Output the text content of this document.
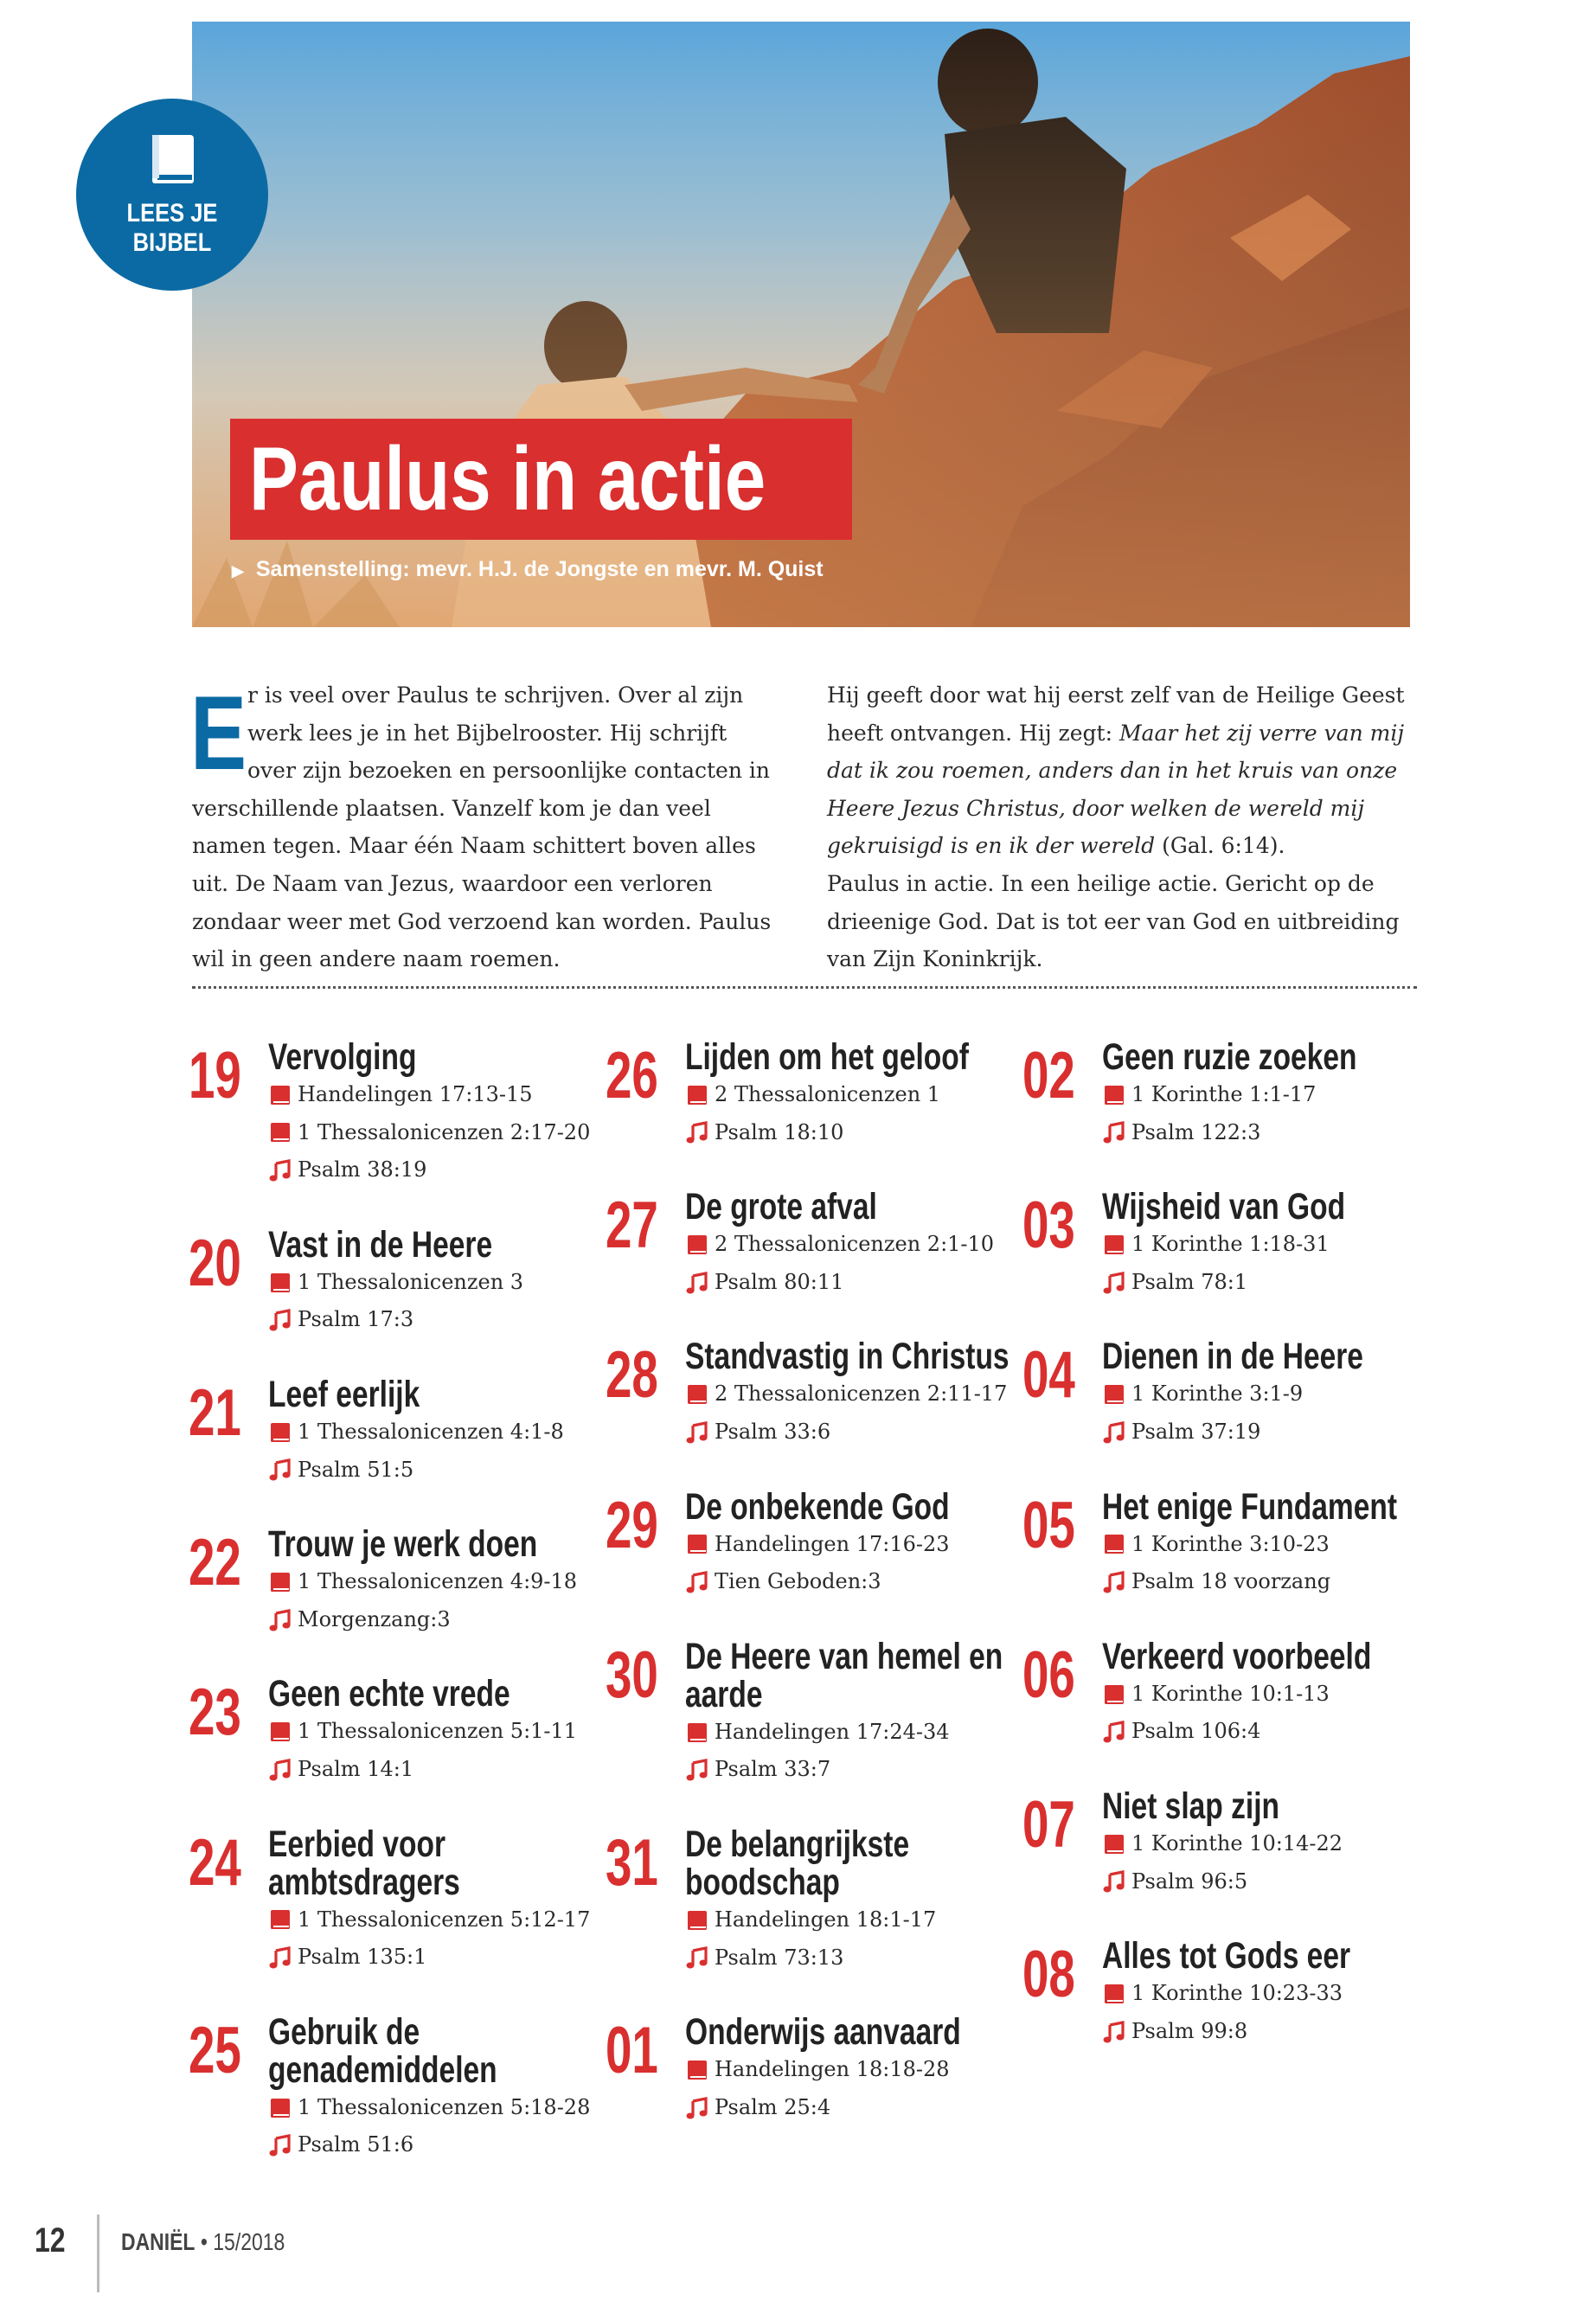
LEES JE
BIJBEL
Paulus in actie
▶ Samenstelling: mevr. H.J. de Jongste en mevr. M. Quist
E r is veel over Paulus te schrijven. Over al zijn werk lees je in het Bijbelrooster. Hij schrijft over zijn bezoeken en persoonlijke contacten in verschillende plaatsen. Vanzelf kom je dan veel namen tegen. Maar één Naam schittert boven alles uit. De Naam van Jezus, waardoor een verloren zondaar weer met God verzoend kan worden. Paulus wil in geen andere naam roemen.

Hij geeft door wat hij eerst zelf van de Heilige Geest heeft ontvangen. Hij zegt: Maar het zij verre van mij dat ik zou roemen, anders dan in het kruis van onze Heere Jezus Christus, door welken de wereld mij gekruisigd is en ik der wereld (Gal. 6:14).

Paulus in actie. In een heilige actie. Gericht op de drieenige God. Dat is tot eer van God en uitbreiding van Zijn Koninkrijk.

19 Vervolging
Handelingen 17:13-15
1 Thessalonicenzen 2:17-20
Psalm 38:19
20 Vast in de Heere
1 Thessalonicenzen 3
Psalm 17:3
21 Leef eerlijk
1 Thessalonicenzen 4:1-8
Psalm 51:5
22 Trouw je werk doen
1 Thessalonicenzen 4:9-18
Morgenzang:3
23 Geen echte vrede
1 Thessalonicenzen 5:1-11
Psalm 14:1
24 Eerbied voor
ambtsdragers
1 Thessalonicenzen 5:12-17
Psalm 135:1
25 Gebruik de
genademiddelen
1 Thessalonicenzen 5:18-28
Psalm 51:6
26 Lijden om het geloof
2 Thessalonicenzen 1
Psalm 18:10
27 De grote afval
2 Thessalonicenzen 2:1-10
Psalm 80:11
28 Standvastig in Christus
2 Thessalonicenzen 2:11-17
Psalm 33:6
29 De onbekende God
Handelingen 17:16-23
Tien Geboden:3
30 De Heere van hemel en
aarde
Handelingen 17:24-34
Psalm 33:7
31 De belangrijkste
boodschap
Handelingen 18:1-17
Psalm 73:13
01 Onderwijs aanvaard
Handelingen 18:18-28
Psalm 25:4
02 Geen ruzie zoeken
1 Korinthe 1:1-17
Psalm 122:3
03 Wijsheid van God
1 Korinthe 1:18-31
Psalm 78:1
04 Dienen in de Heere
1 Korinthe 3:1-9
Psalm 37:19
05 Het enige Fundament
1 Korinthe 3:10-23
Psalm 18 voorzang
06 Verkeerd voorbeeld
1 Korinthe 10:1-13
Psalm 106:4
07 Niet slap zijn
1 Korinthe 10:14-22
Psalm 96:5
08 Alles tot Gods eer
1 Korinthe 10:23-33
Psalm 99:8
12 DANIËL • 15/2018
